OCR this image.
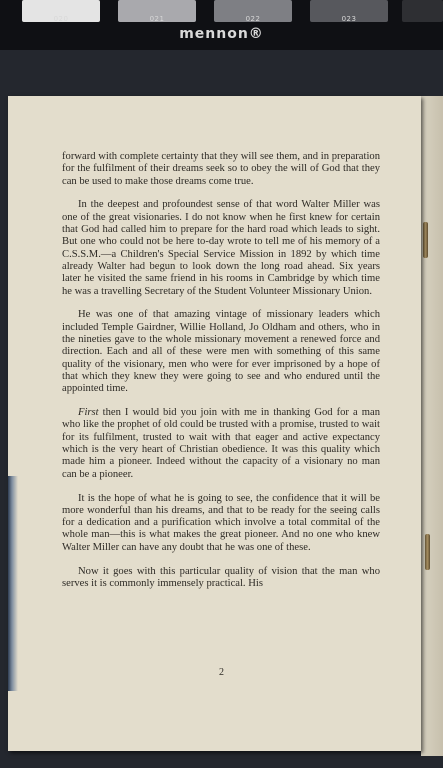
020	021	022	023
mennon®

forward with complete certainty that they will see them, and in preparation for the fulfilment of their dreams seek so to obey the will of God that they can be used to make those dreams come true.

In the deepest and profoundest sense of that word Walter Miller was one of the great visionaries. I do not know when he first knew for certain that God had called him to prepare for the hard road which leads to sight. But one who could not be here to-day wrote to tell me of his memory of a C.S.S.M.—a Children's Special Service Mission in 1892 by which time already Walter had begun to look down the long road ahead. Six years later he visited the same friend in his rooms in Cambridge by which time he was a travelling Secretary of the Student Volunteer Missionary Union.

He was one of that amazing vintage of missionary leaders which included Temple Gairdner, Willie Holland, Jo Oldham and others, who in the nineties gave to the whole missionary movement a renewed force and direction. Each and all of these were men with something of this same quality of the visionary, men who were for ever imprisoned by a hope of that which they knew they were going to see and who endured until the appointed time.

First then I would bid you join with me in thanking God for a man who like the prophet of old could be trusted with a promise, trusted to wait for its fulfilment, trusted to wait with that eager and active expectancy which is the very heart of Christian obedience. It was this quality which made him a pioneer. Indeed without the capacity of a visionary no man can be a pioneer.

It is the hope of what he is going to see, the confidence that it will be more wonderful than his dreams, and that to be ready for the seeing calls for a dedication and a purification which involve a total commital of the whole man—this is what makes the great pioneer. And no one who knew Walter Miller can have any doubt that he was one of these.

Now it goes with this particular quality of vision that the man who serves it is commonly immensely practical. His

2
